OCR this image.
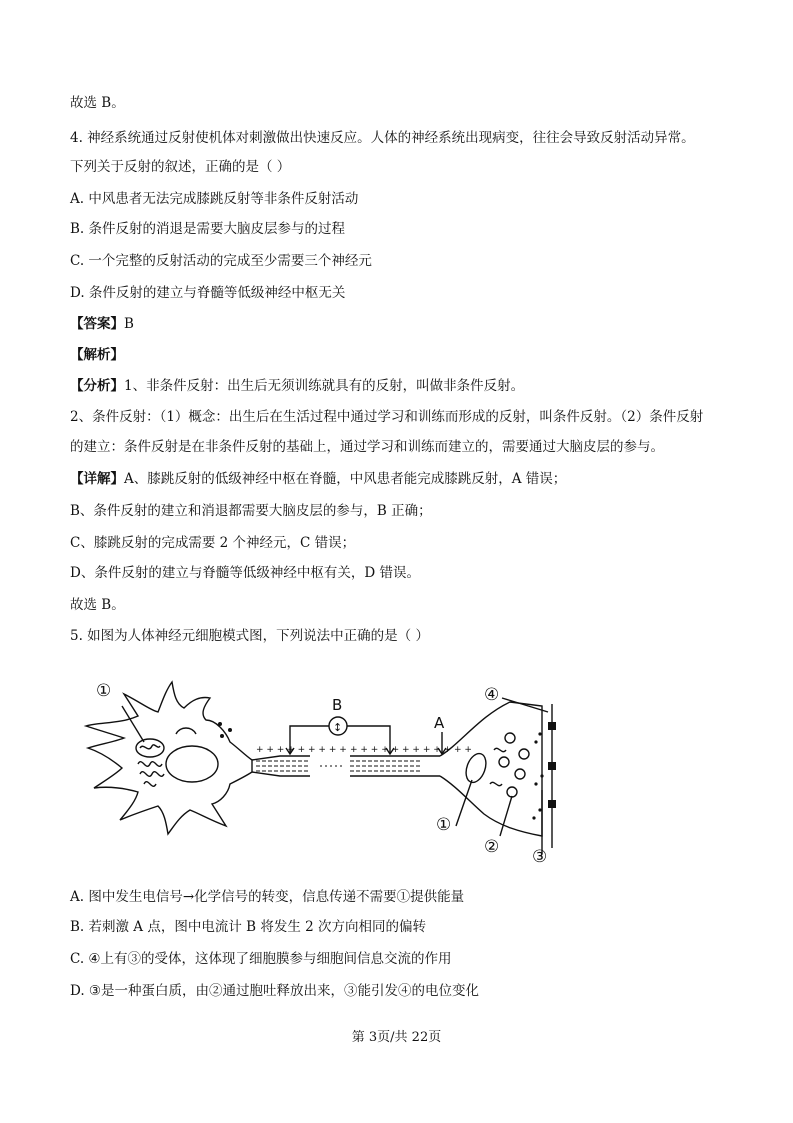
故选 B。
4. 神经系统通过反射使机体对刺激做出快速反应。人体的神经系统出现病变，往往会导致反射活动异常。
下列关于反射的叙述，正确的是（ ）
A. 中风患者无法完成膝跳反射等非条件反射活动
B. 条件反射的消退是需要大脑皮层参与的过程
C. 一个完整的反射活动的完成至少需要三个神经元
D. 条件反射的建立与脊髓等低级神经中枢无关
【答案】B
【解析】
【分析】1、非条件反射：出生后无须训练就具有的反射，叫做非条件反射。
2、条件反射：（1）概念：出生后在生活过程中通过学习和训练而形成的反射，叫条件反射。（2）条件反射
的建立：条件反射是在非条件反射的基础上，通过学习和训练而建立的，需要通过大脑皮层的参与。
【详解】A、膝跳反射的低级神经中枢在脊髓，中风患者能完成膝跳反射，A 错误；
B、条件反射的建立和消退都需要大脑皮层的参与，B 正确；
C、膝跳反射的完成需要 2 个神经元，C 错误；
D、条件反射的建立与脊髓等低级神经中枢有关，D 错误。
故选 B。
5. 如图为人体神经元细胞模式图，下列说法中正确的是（ ）
+ + + + + + + + + + + + + + + + + + + + +
①
B
A
④
①
② ③
↕
A. 图中发生电信号→化学信号的转变，信息传递不需要①提供能量
B. 若刺激 A 点，图中电流计 B 将发生 2 次方向相同的偏转
C. ④上有③的受体，这体现了细胞膜参与细胞间信息交流的作用
D. ③是一种蛋白质，由②通过胞吐释放出来，③能引发④的电位变化
第 3页/共 22页
